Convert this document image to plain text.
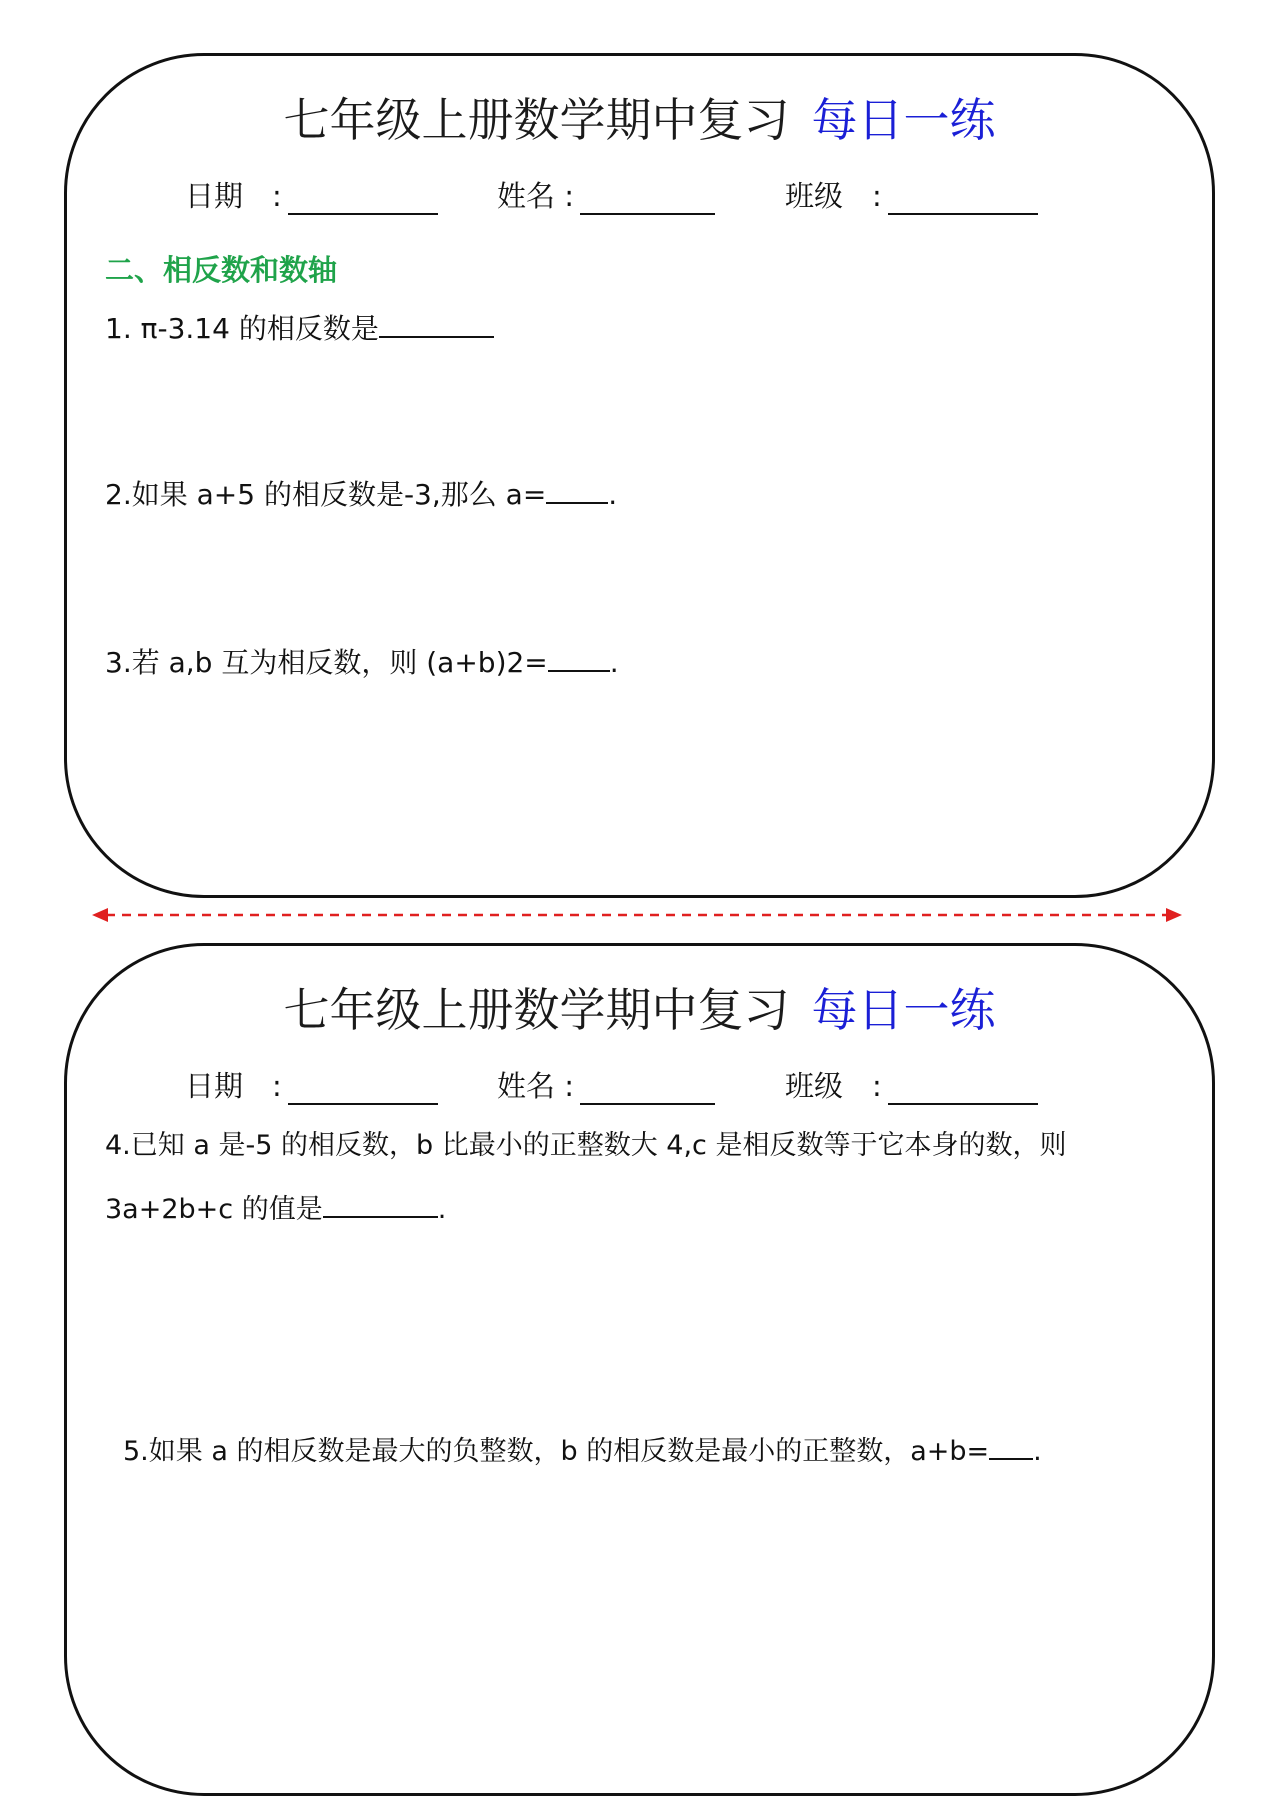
七年级上册数学期中复习 每日一练
日期　:	姓名 :	班级　:
二、相反数和数轴
1. π-3.14 的相反数是
2.如果 a+5 的相反数是-3,那么 a= .
3.若 a,b 互为相反数，则 (a+b)2= .
七年级上册数学期中复习 每日一练
日期　:	姓名 :	班级　:
4.已知 a 是-5 的相反数，b 比最小的正整数大 4,c 是相反数等于它本身的数，则
3a+2b+c 的值是	.
5.如果 a 的相反数是最大的负整数，b 的相反数是最小的正整数，a+b= .
